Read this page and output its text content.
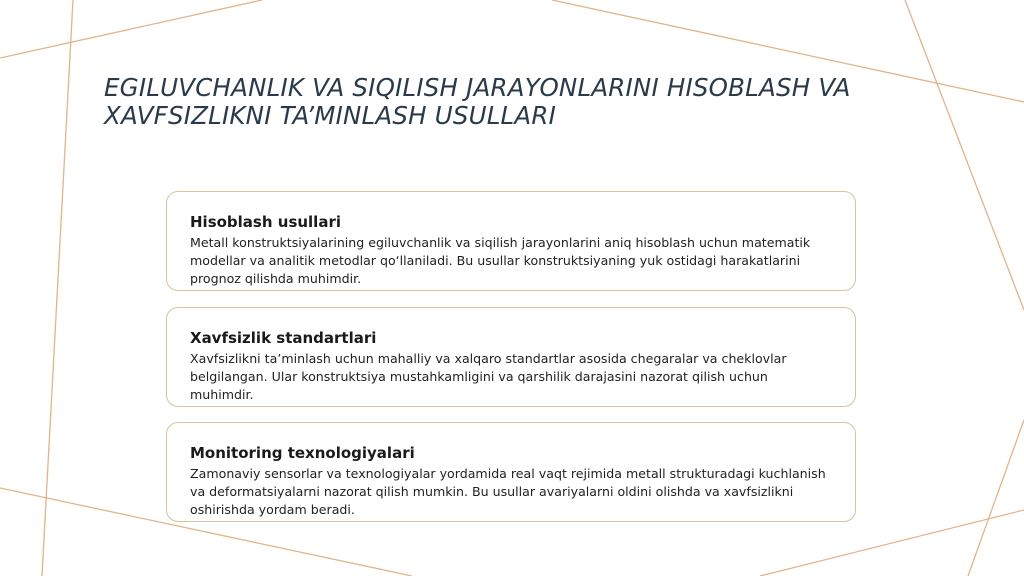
EGILUVCHANLIK VA SIQILISH JARAYONLARINI HISOBLASH VA XAVFSIZLIKNI TA’MINLASH USULLARI

Hisoblash usullari

Metall konstruktsiyalarining egiluvchanlik va siqilish jarayonlarini aniq hisoblash uchun matematik modellar va analitik metodlar qo‘llaniladi. Bu usullar konstruktsiyaning yuk ostidagi harakatlarini prognoz qilishda muhimdir.

Xavfsizlik standartlari

Xavfsizlikni ta’minlash uchun mahalliy va xalqaro standartlar asosida chegaralar va cheklovlar belgilangan. Ular konstruktsiya mustahkamligini va qarshilik darajasini nazorat qilish uchun muhimdir.

Monitoring texnologiyalari

Zamonaviy sensorlar va texnologiyalar yordamida real vaqt rejimida metall strukturadagi kuchlanish va deformatsiyalarni nazorat qilish mumkin. Bu usullar avariyalarni oldini olishda va xavfsizlikni oshirishda yordam beradi.
